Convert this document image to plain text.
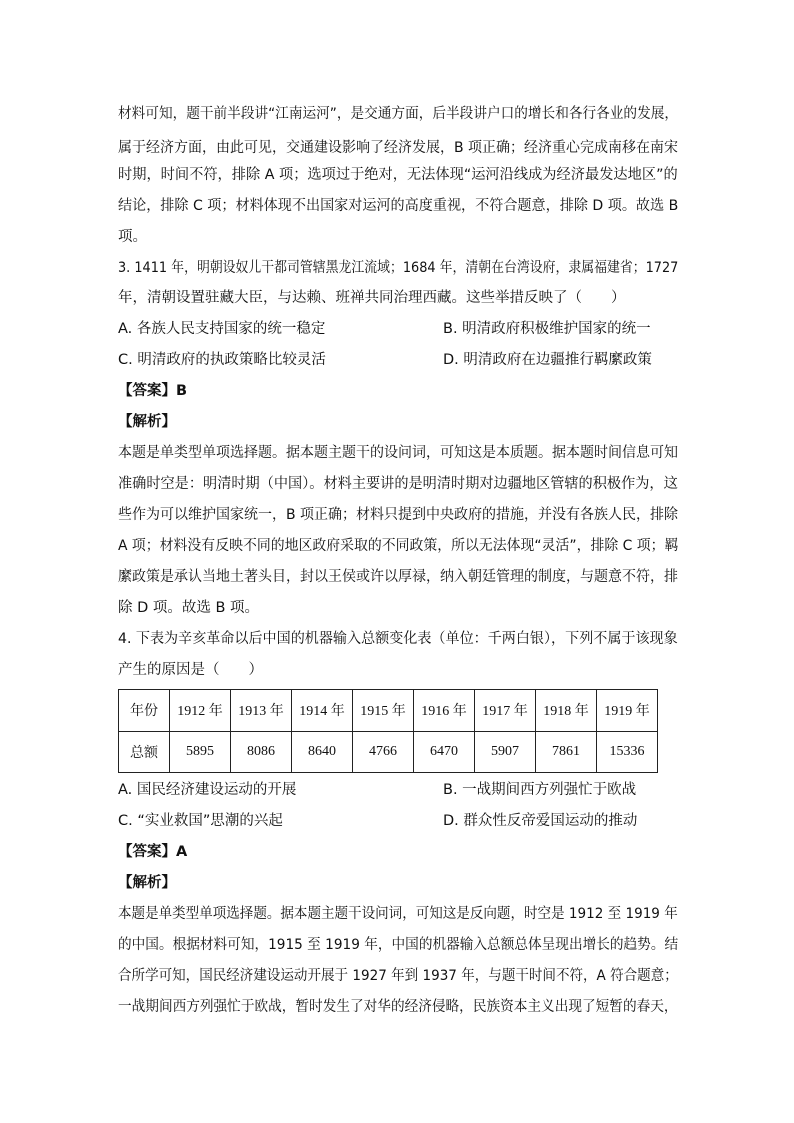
材料可知，题干前半段讲“江南运河”，是交通方面，后半段讲户口的增长和各行各业的发展，
属于经济方面，由此可见，交通建设影响了经济发展，B 项正确；经济重心完成南移在南宋
时期，时间不符，排除 A 项；选项过于绝对，无法体现“运河沿线成为经济最发达地区”的
结论，排除 C 项；材料体现不出国家对运河的高度重视，不符合题意，排除 D 项。故选 B
项。
3. 1411 年，明朝设奴儿干都司管辖黑龙江流域；1684 年，清朝在台湾设府，隶属福建省；1727
年，清朝设置驻藏大臣，与达赖、班禅共同治理西藏。这些举措反映了（　　）
A. 各族人民支持国家的统一稳定	B. 明清政府积极维护国家的统一
C. 明清政府的执政策略比较灵活	D. 明清政府在边疆推行羁縻政策
【答案】B
【解析】
本题是单类型单项选择题。据本题主题干的设问词，可知这是本质题。据本题时间信息可知
准确时空是：明清时期（中国）。材料主要讲的是明清时期对边疆地区管辖的积极作为，这
些作为可以维护国家统一，B 项正确；材料只提到中央政府的措施，并没有各族人民，排除
A 项；材料没有反映不同的地区政府采取的不同政策，所以无法体现“灵活”，排除 C 项；羁
縻政策是承认当地土著头目，封以王侯或许以厚禄，纳入朝廷管理的制度，与题意不符，排
除 D 项。故选 B 项。
4. 下表为辛亥革命以后中国的机器输入总额变化表（单位：千两白银），下列不属于该现象
产生的原因是（　　）
年份	1912 年	1913 年	1914 年	1915 年	1916 年	1917 年	1918 年	1919 年
总额	5895	8086	8640	4766	6470	5907	7861	15336
A. 国民经济建设运动的开展	B. 一战期间西方列强忙于欧战
C. “实业救国”思潮的兴起	D. 群众性反帝爱国运动的推动
【答案】A
【解析】
本题是单类型单项选择题。据本题主题干设问词，可知这是反向题，时空是 1912 至 1919 年
的中国。根据材料可知，1915 至 1919 年，中国的机器输入总额总体呈现出增长的趋势。结
合所学可知，国民经济建设运动开展于 1927 年到 1937 年，与题干时间不符，A 符合题意；
一战期间西方列强忙于欧战，暂时发生了对华的经济侵略，民族资本主义出现了短暂的春天，
